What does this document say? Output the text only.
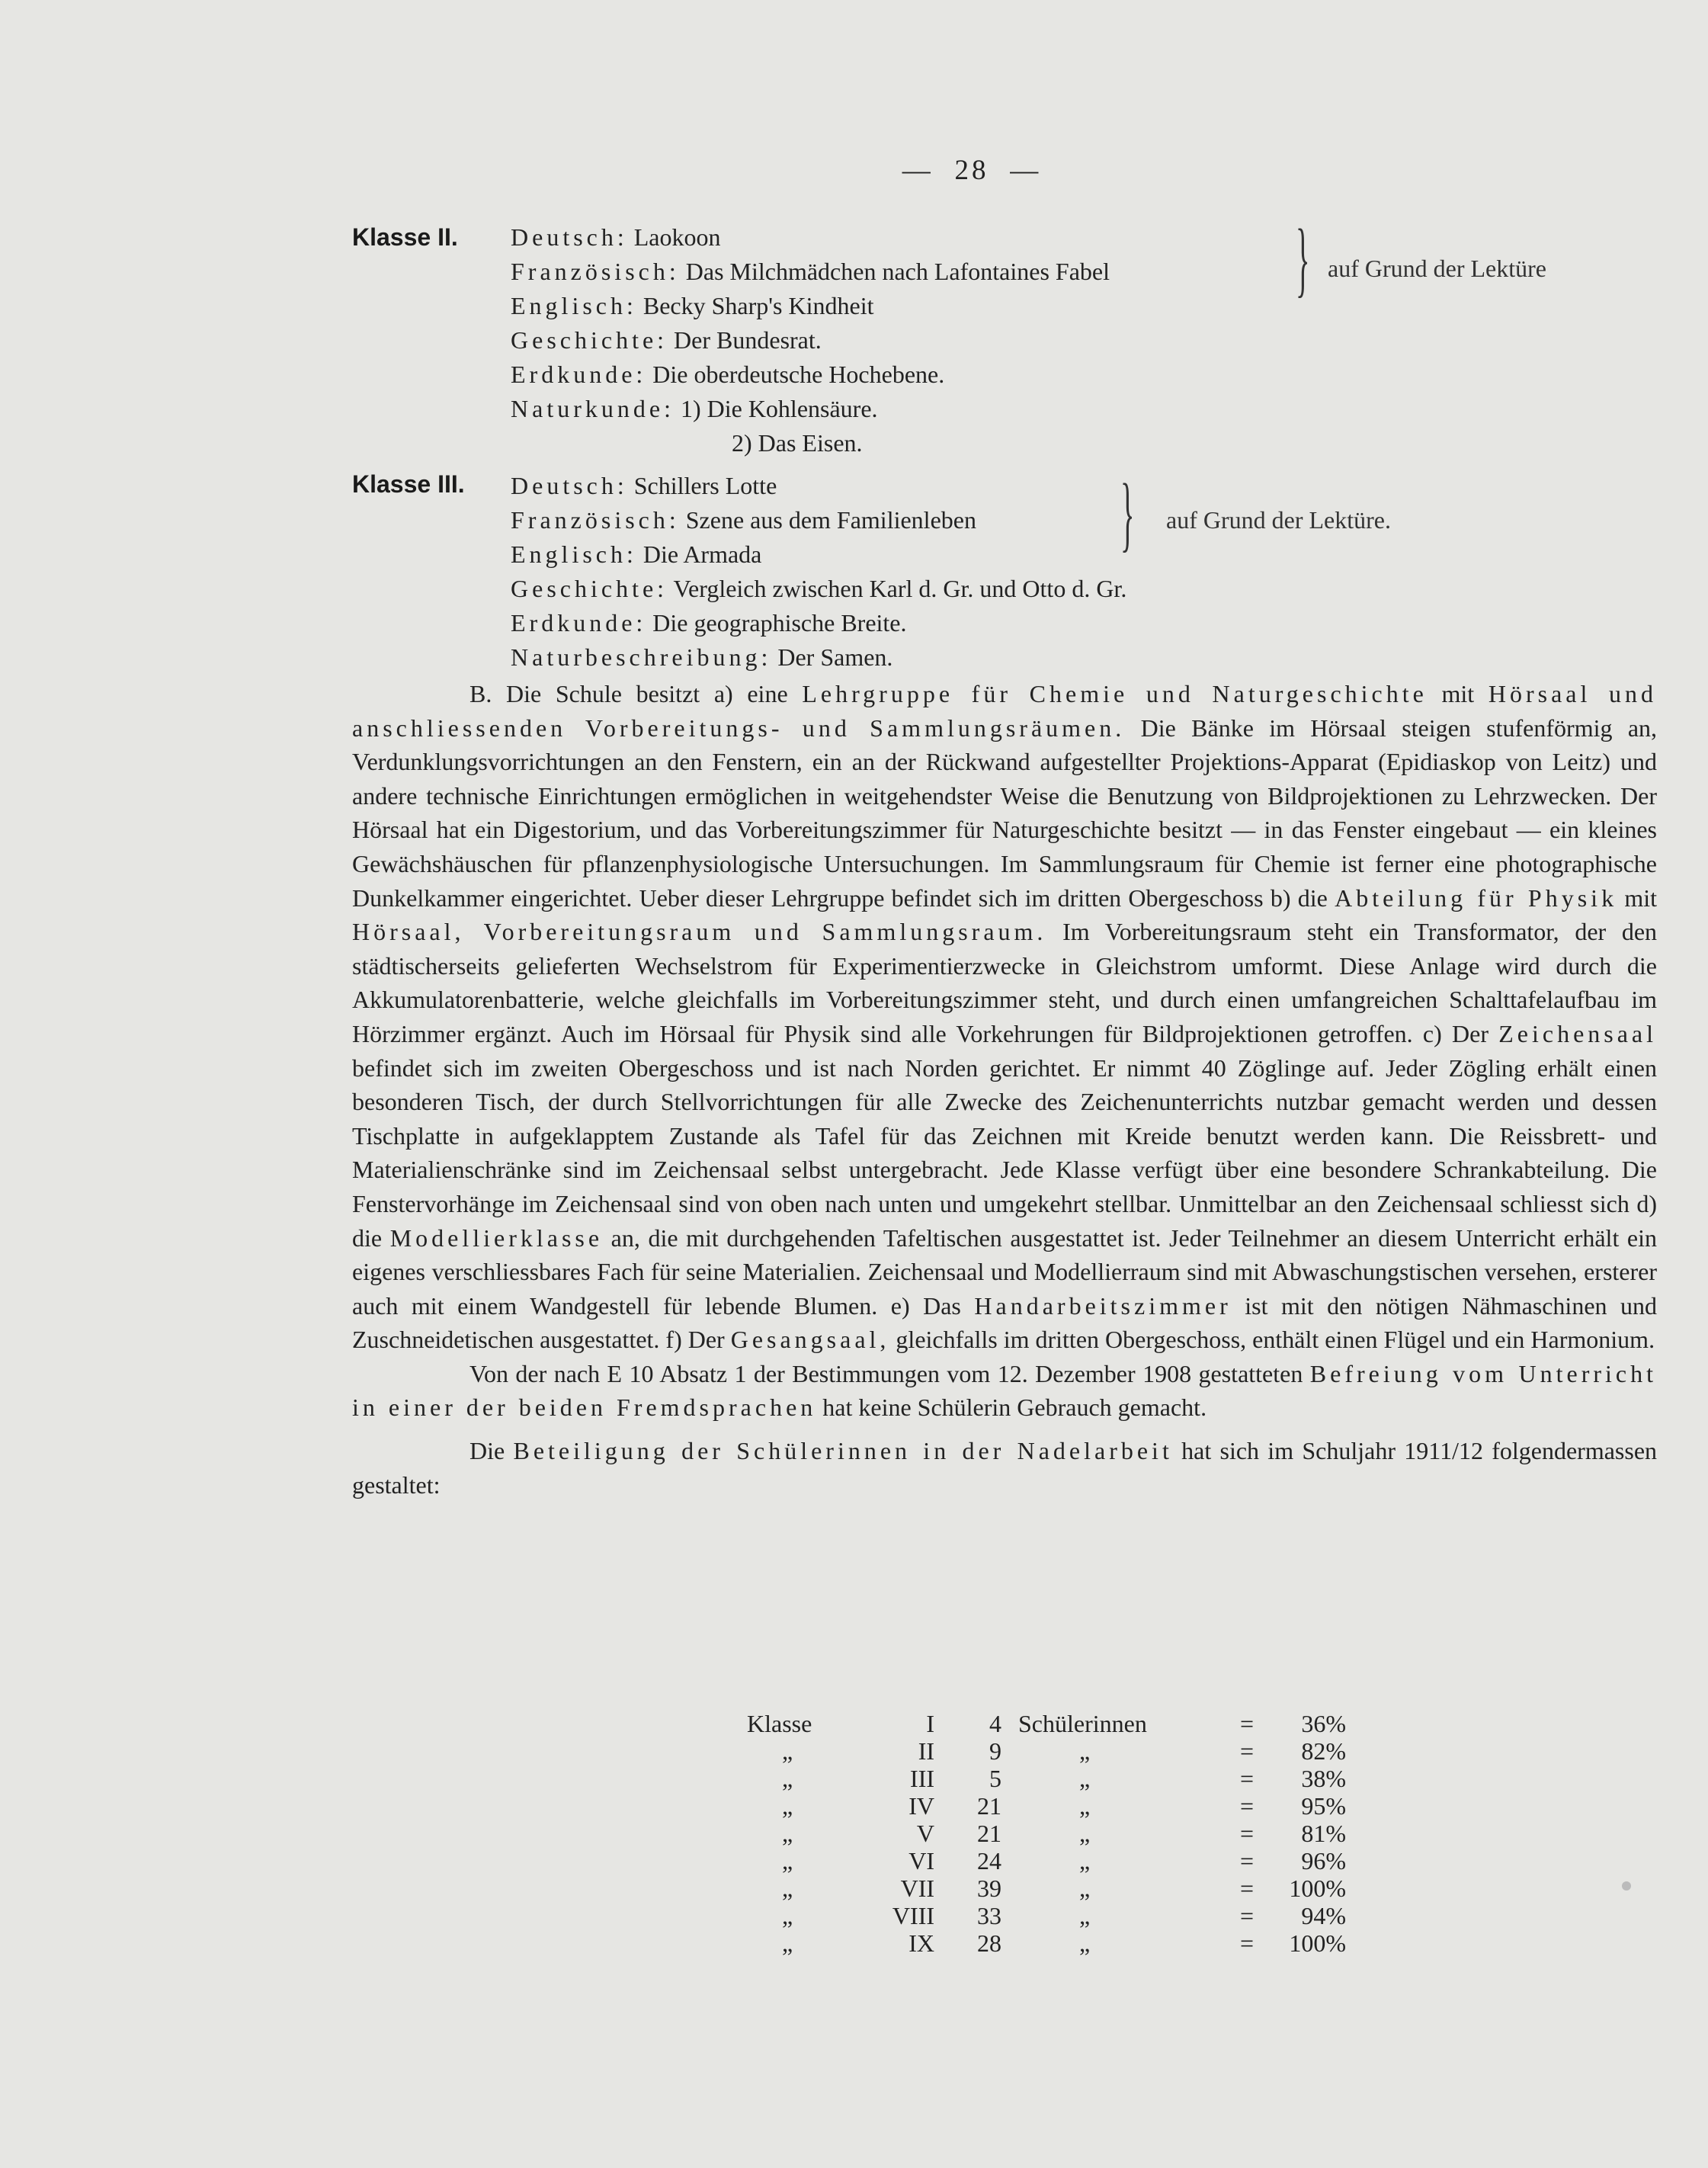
— 28 —
Klasse II. Deutsch: Laokoon
Französisch: Das Milchmädchen nach Lafontaines Fabel
Englisch: Becky Sharp's Kindheit
Geschichte: Der Bundesrat.
Erdkunde: Die oberdeutsche Hochebene.
Naturkunde: 1) Die Kohlensäure.
2) Das Eisen.
} auf Grund der Lektüre
Klasse III. Deutsch: Schillers Lotte
Französisch: Szene aus dem Familienleben
Englisch: Die Armada
Geschichte: Vergleich zwischen Karl d. Gr. und Otto d. Gr.
Erdkunde: Die geographische Breite.
Naturbeschreibung: Der Samen.
} auf Grund der Lektüre.

B. Die Schule besitzt a) eine Lehrgruppe für Chemie und Naturgeschichte mit Hörsaal und anschliessenden Vorbereitungs- und Sammlungsräumen. Die Bänke im Hörsaal steigen stufenförmig an, Verdunklungsvorrichtungen an den Fenstern, ein an der Rückwand aufgestellter Projektions-Apparat (Epidiaskop von Leitz) und andere technische Einrichtungen ermöglichen in weitgehendster Weise die Benutzung von Bildprojektionen zu Lehrzwecken. Der Hörsaal hat ein Digestorium, und das Vorbereitungszimmer für Naturgeschichte besitzt — in das Fenster eingebaut — ein kleines Gewächshäuschen für pflanzenphysiologische Untersuchungen. Im Sammlungsraum für Chemie ist ferner eine photographische Dunkelkammer eingerichtet. Ueber dieser Lehrgruppe befindet sich im dritten Obergeschoss b) die Abteilung für Physik mit Hörsaal, Vorbereitungsraum und Sammlungsraum. Im Vorbereitungsraum steht ein Transformator, der den städtischerseits gelieferten Wechselstrom für Experimentierzwecke in Gleichstrom umformt. Diese Anlage wird durch die Akkumulatorenbatterie, welche gleichfalls im Vorbereitungszimmer steht, und durch einen umfangreichen Schalttafelaufbau im Hörzimmer ergänzt. Auch im Hörsaal für Physik sind alle Vorkehrungen für Bildprojektionen getroffen. c) Der Zeichensaal befindet sich im zweiten Obergeschoss und ist nach Norden gerichtet. Er nimmt 40 Zöglinge auf. Jeder Zögling erhält einen besonderen Tisch, der durch Stellvorrichtungen für alle Zwecke des Zeichenunterrichts nutzbar gemacht werden und dessen Tischplatte in aufgeklapptem Zustande als Tafel für das Zeichnen mit Kreide benutzt werden kann. Die Reissbrett- und Materialienschränke sind im Zeichensaal selbst untergebracht. Jede Klasse verfügt über eine besondere Schrankabteilung. Die Fenstervorhänge im Zeichensaal sind von oben nach unten und umgekehrt stellbar. Unmittelbar an den Zeichensaal schliesst sich d) die Modellierklasse an, die mit durchgehenden Tafeltischen ausgestattet ist. Jeder Teilnehmer an diesem Unterricht erhält ein eigenes verschliessbares Fach für seine Materialien. Zeichensaal und Modellierraum sind mit Abwaschungstischen versehen, ersterer auch mit einem Wandgestell für lebende Blumen. e) Das Handarbeitszimmer ist mit den nötigen Nähmaschinen und Zuschneidetischen ausgestattet. f) Der Gesangsaal, gleichfalls im dritten Obergeschoss, enthält einen Flügel und ein Harmonium.

Von der nach E 10 Absatz 1 der Bestimmungen vom 12. Dezember 1908 gestatteten Befreiung vom Unterricht in einer der beiden Fremdsprachen hat keine Schülerin Gebrauch gemacht.

Die Beteiligung der Schülerinnen in der Nadelarbeit hat sich im Schuljahr 1911/12 folgendermassen gestaltet:

Klasse	I	4	Schülerinnen	=	36%
„	II	9	„	=	82%
„	III	5	„	=	38%
„	IV	21	„	=	95%
„	V	21	„	=	81%
„	VI	24	„	=	96%
„	VII	39	„	=	100%
„	VIII	33	„	=	94%
„	IX	28	„	=	100%
